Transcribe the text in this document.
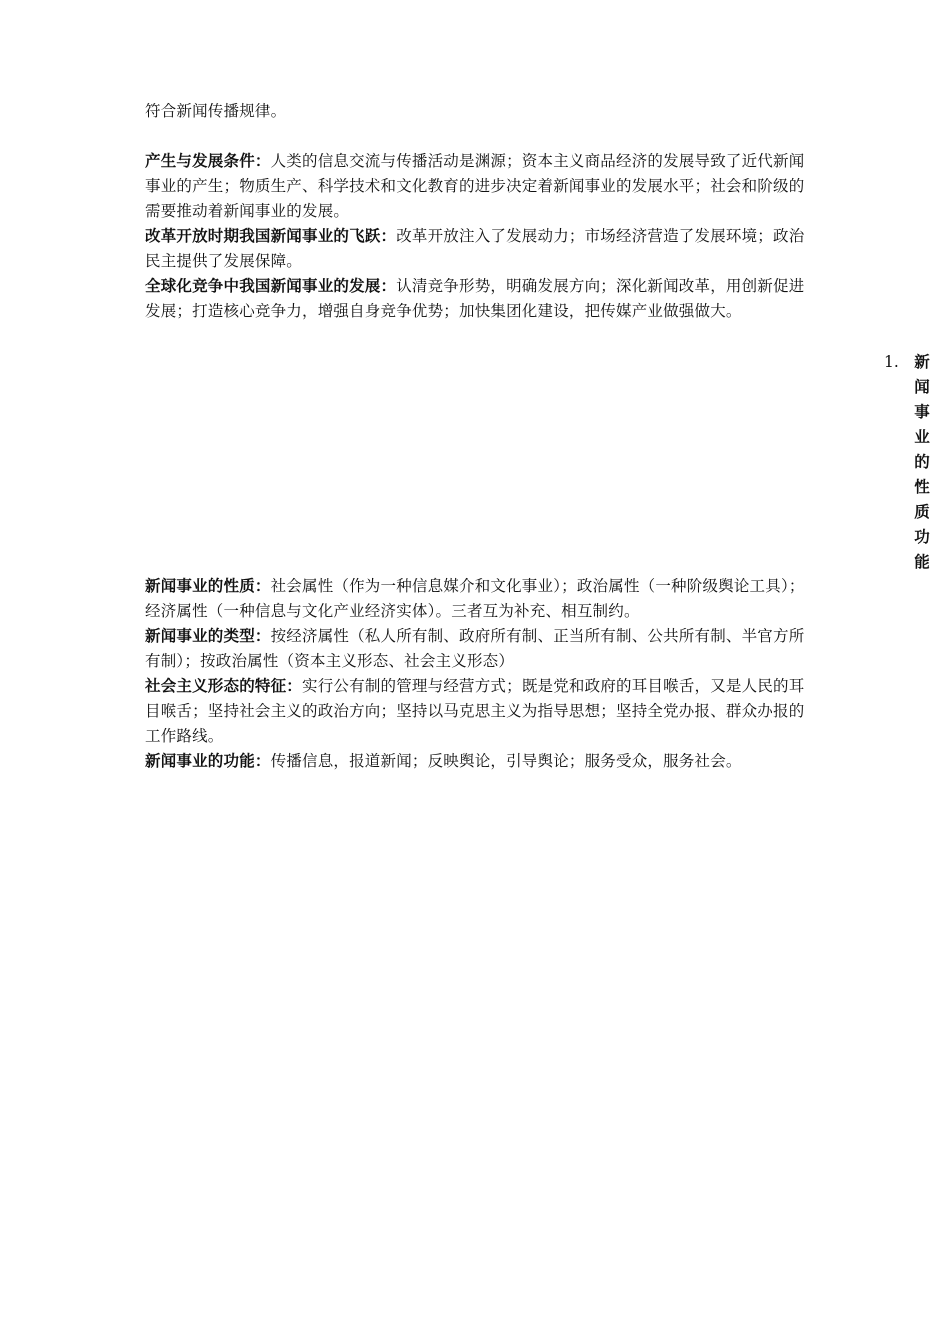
符合新闻传播规律。

产生与发展条件：人类的信息交流与传播活动是渊源；资本主义商品经济的发展导致了近代新闻事业的产生；物质生产、科学技术和文化教育的进步决定着新闻事业的发展水平；社会和阶级的需要推动着新闻事业的发展。

改革开放时期我国新闻事业的飞跃：改革开放注入了发展动力；市场经济营造了发展环境；政治民主提供了发展保障。

全球化竞争中我国新闻事业的发展：认清竞争形势，明确发展方向；深化新闻改革，用创新促进发展；打造核心竞争力，增强自身竞争优势；加快集团化建设，把传媒产业做强做大。

1. 新
闻
事
业
的
性
质
功
能

新闻事业的性质：社会属性（作为一种信息媒介和文化事业）；政治属性（一种阶级舆论工具）；经济属性（一种信息与文化产业经济实体）。三者互为补充、相互制约。

新闻事业的类型：按经济属性（私人所有制、政府所有制、正当所有制、公共所有制、半官方所有制）；按政治属性（资本主义形态、社会主义形态）

社会主义形态的特征：实行公有制的管理与经营方式；既是党和政府的耳目喉舌，又是人民的耳目喉舌；坚持社会主义的政治方向；坚持以马克思主义为指导思想；坚持全党办报、群众办报的工作路线。

新闻事业的功能：传播信息，报道新闻；反映舆论，引导舆论；服务受众，服务社会。
